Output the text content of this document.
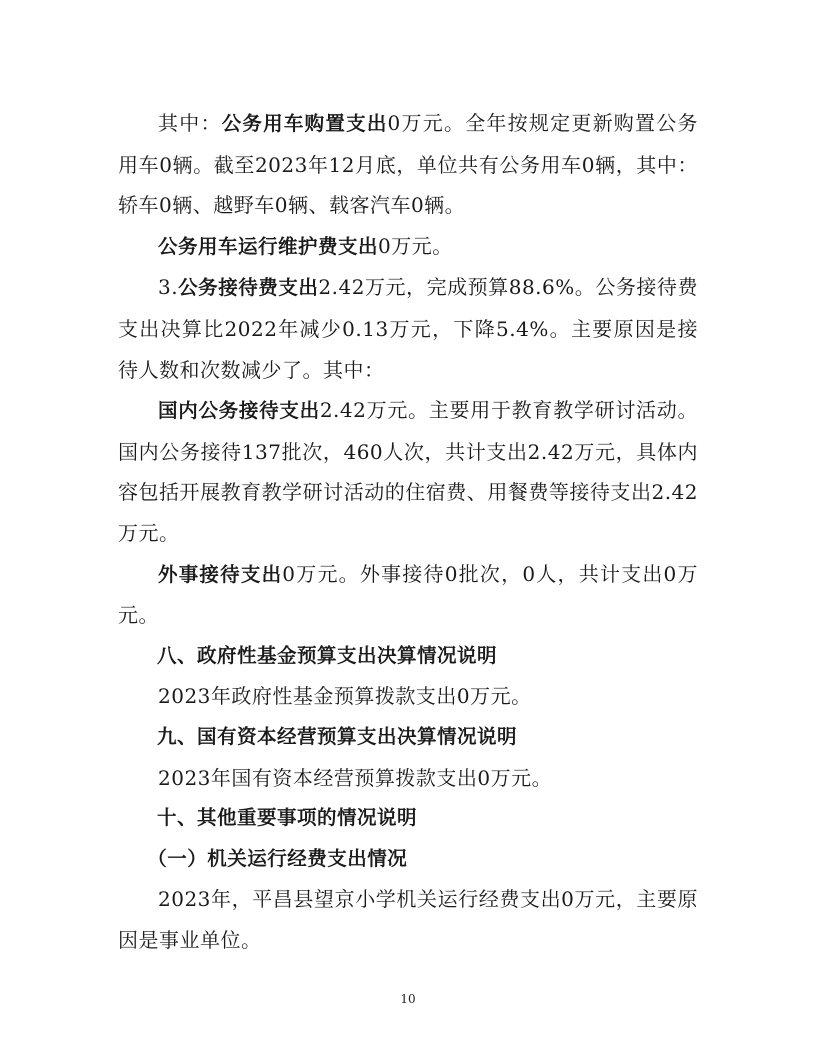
其中：公务用车购置支出0万元。全年按规定更新购置公务用车0辆。截至2023年12月底，单位共有公务用车0辆，其中：轿车0辆、越野车0辆、载客汽车0辆。

公务用车运行维护费支出0万元。

3.公务接待费支出2.42万元，完成预算88.6%。公务接待费支出决算比2022年减少0.13万元，下降5.4%。主要原因是接待人数和次数减少了。其中：

国内公务接待支出2.42万元。主要用于教育教学研讨活动。国内公务接待137批次，460人次，共计支出2.42万元，具体内容包括开展教育教学研讨活动的住宿费、用餐费等接待支出2.42万元。

外事接待支出0万元。外事接待0批次，0人，共计支出0万元。

八、政府性基金预算支出决算情况说明

2023年政府性基金预算拨款支出0万元。

九、国有资本经营预算支出决算情况说明

2023年国有资本经营预算拨款支出0万元。

十、其他重要事项的情况说明

（一）机关运行经费支出情况

2023年，平昌县望京小学机关运行经费支出0万元，主要原因是事业单位。

10
